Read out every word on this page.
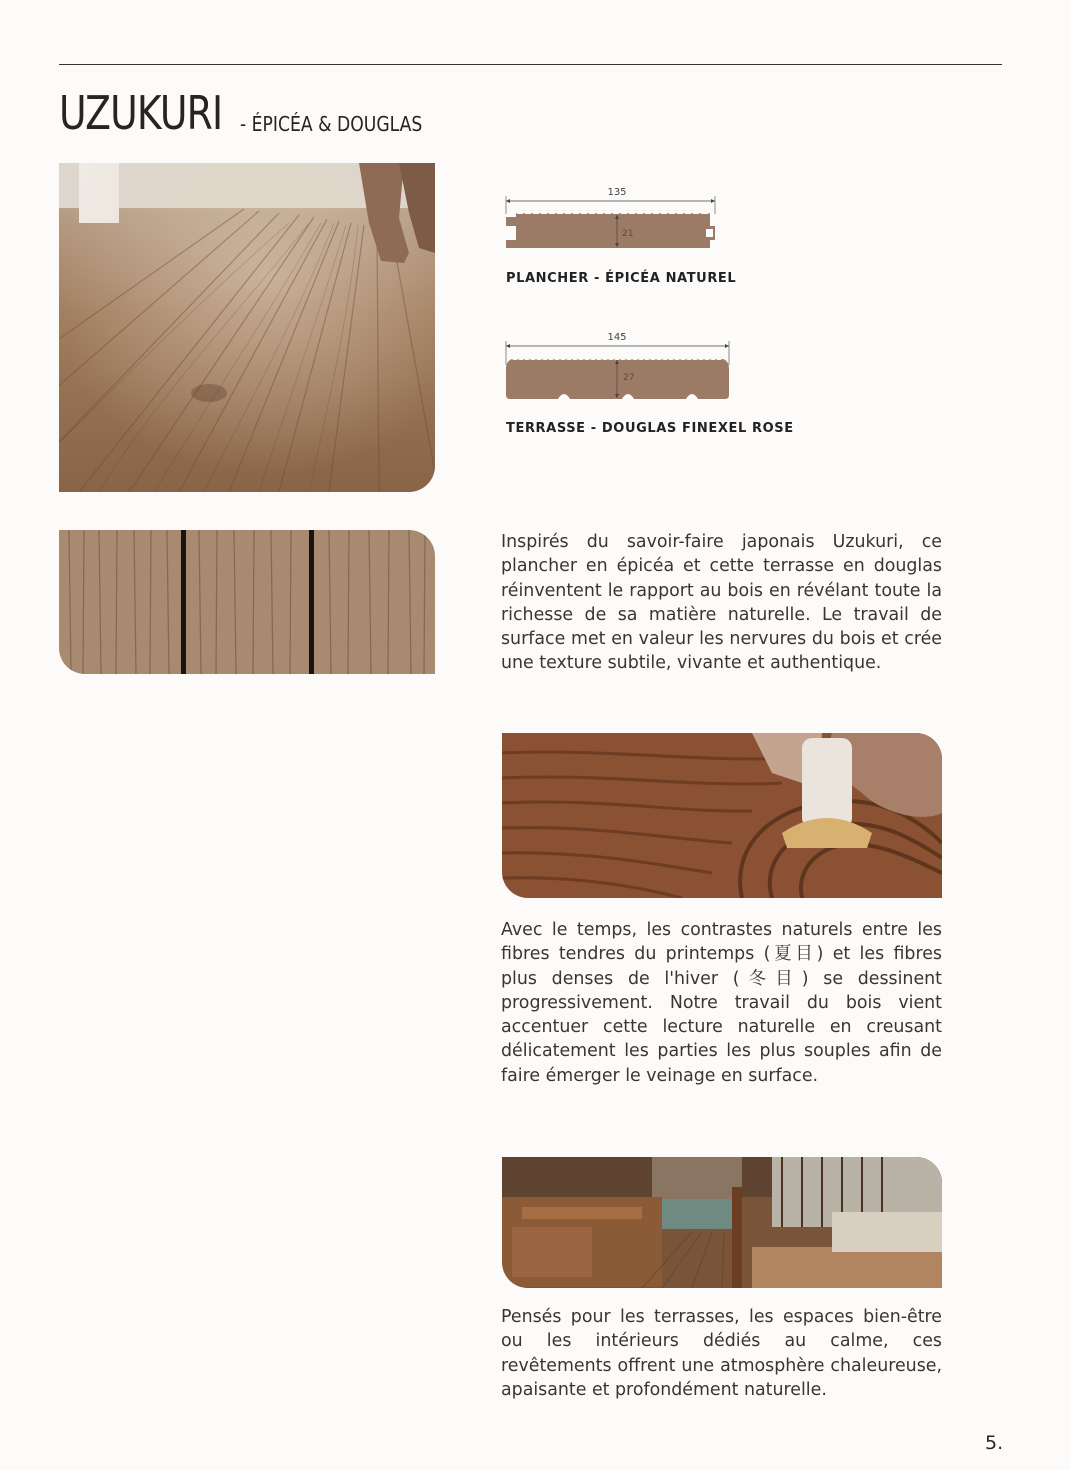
UZUKURI - ÉPICÉA & DOUGLAS
135
21
PLANCHER - ÉPICÉA NATUREL
145
27
TERRASSE - DOUGLAS FINEXEL ROSE

Inspirés du savoir-faire japonais Uzukuri, ce plancher en épicéa et cette terrasse en douglas réinventent le rapport au bois en révélant toute la richesse de sa matière naturelle. Le travail de surface met en valeur les nervures du bois et crée une texture subtile, vivante et authentique.

Avec le temps, les contrastes naturels entre les fibres tendres du printemps (夏目) et les fibres plus denses de l'hiver (冬目) se dessinent progressivement. Notre travail du bois vient accentuer cette lecture naturelle en creusant délicatement les parties les plus souples afin de faire émerger le veinage en surface.

Pensés pour les terrasses, les espaces bien-être ou les intérieurs dédiés au calme, ces revêtements offrent une atmosphère chaleureuse, apaisante et profondément naturelle.

5.
